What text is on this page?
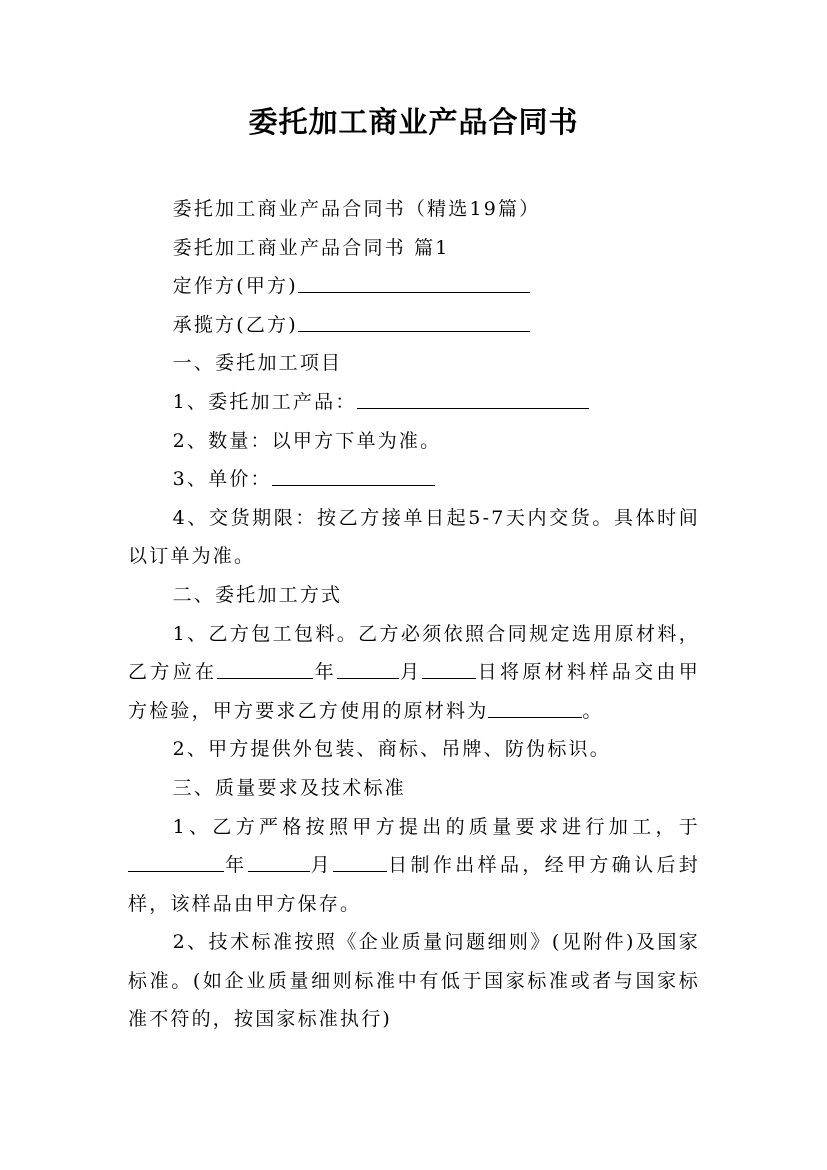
委托加工商业产品合同书

委托加工商业产品合同书（精选19篇）

委托加工商业产品合同书 篇1

定作方(甲方)

承揽方(乙方)

一、委托加工项目

1、委托加工产品：

2、数量：以甲方下单为准。

3、单价：

4、交货期限：按乙方接单日起5-7天内交货。具体时间以订单为准。

二、委托加工方式

1、乙方包工包料。乙方必须依照合同规定选用原材料，乙方应在	年	月	日将原材料样品交由甲方检验，甲方要求乙方使用的原材料为	。

2、甲方提供外包装、商标、吊牌、防伪标识。

三、质量要求及技术标准

1、乙方严格按照甲方提出的质量要求进行加工，于年	月	日制作出样品，经甲方确认后封样，该样品由甲方保存。

2、技术标准按照《企业质量问题细则》(见附件)及国家标准。(如企业质量细则标准中有低于国家标准或者与国家标准不符的，按国家标准执行)
